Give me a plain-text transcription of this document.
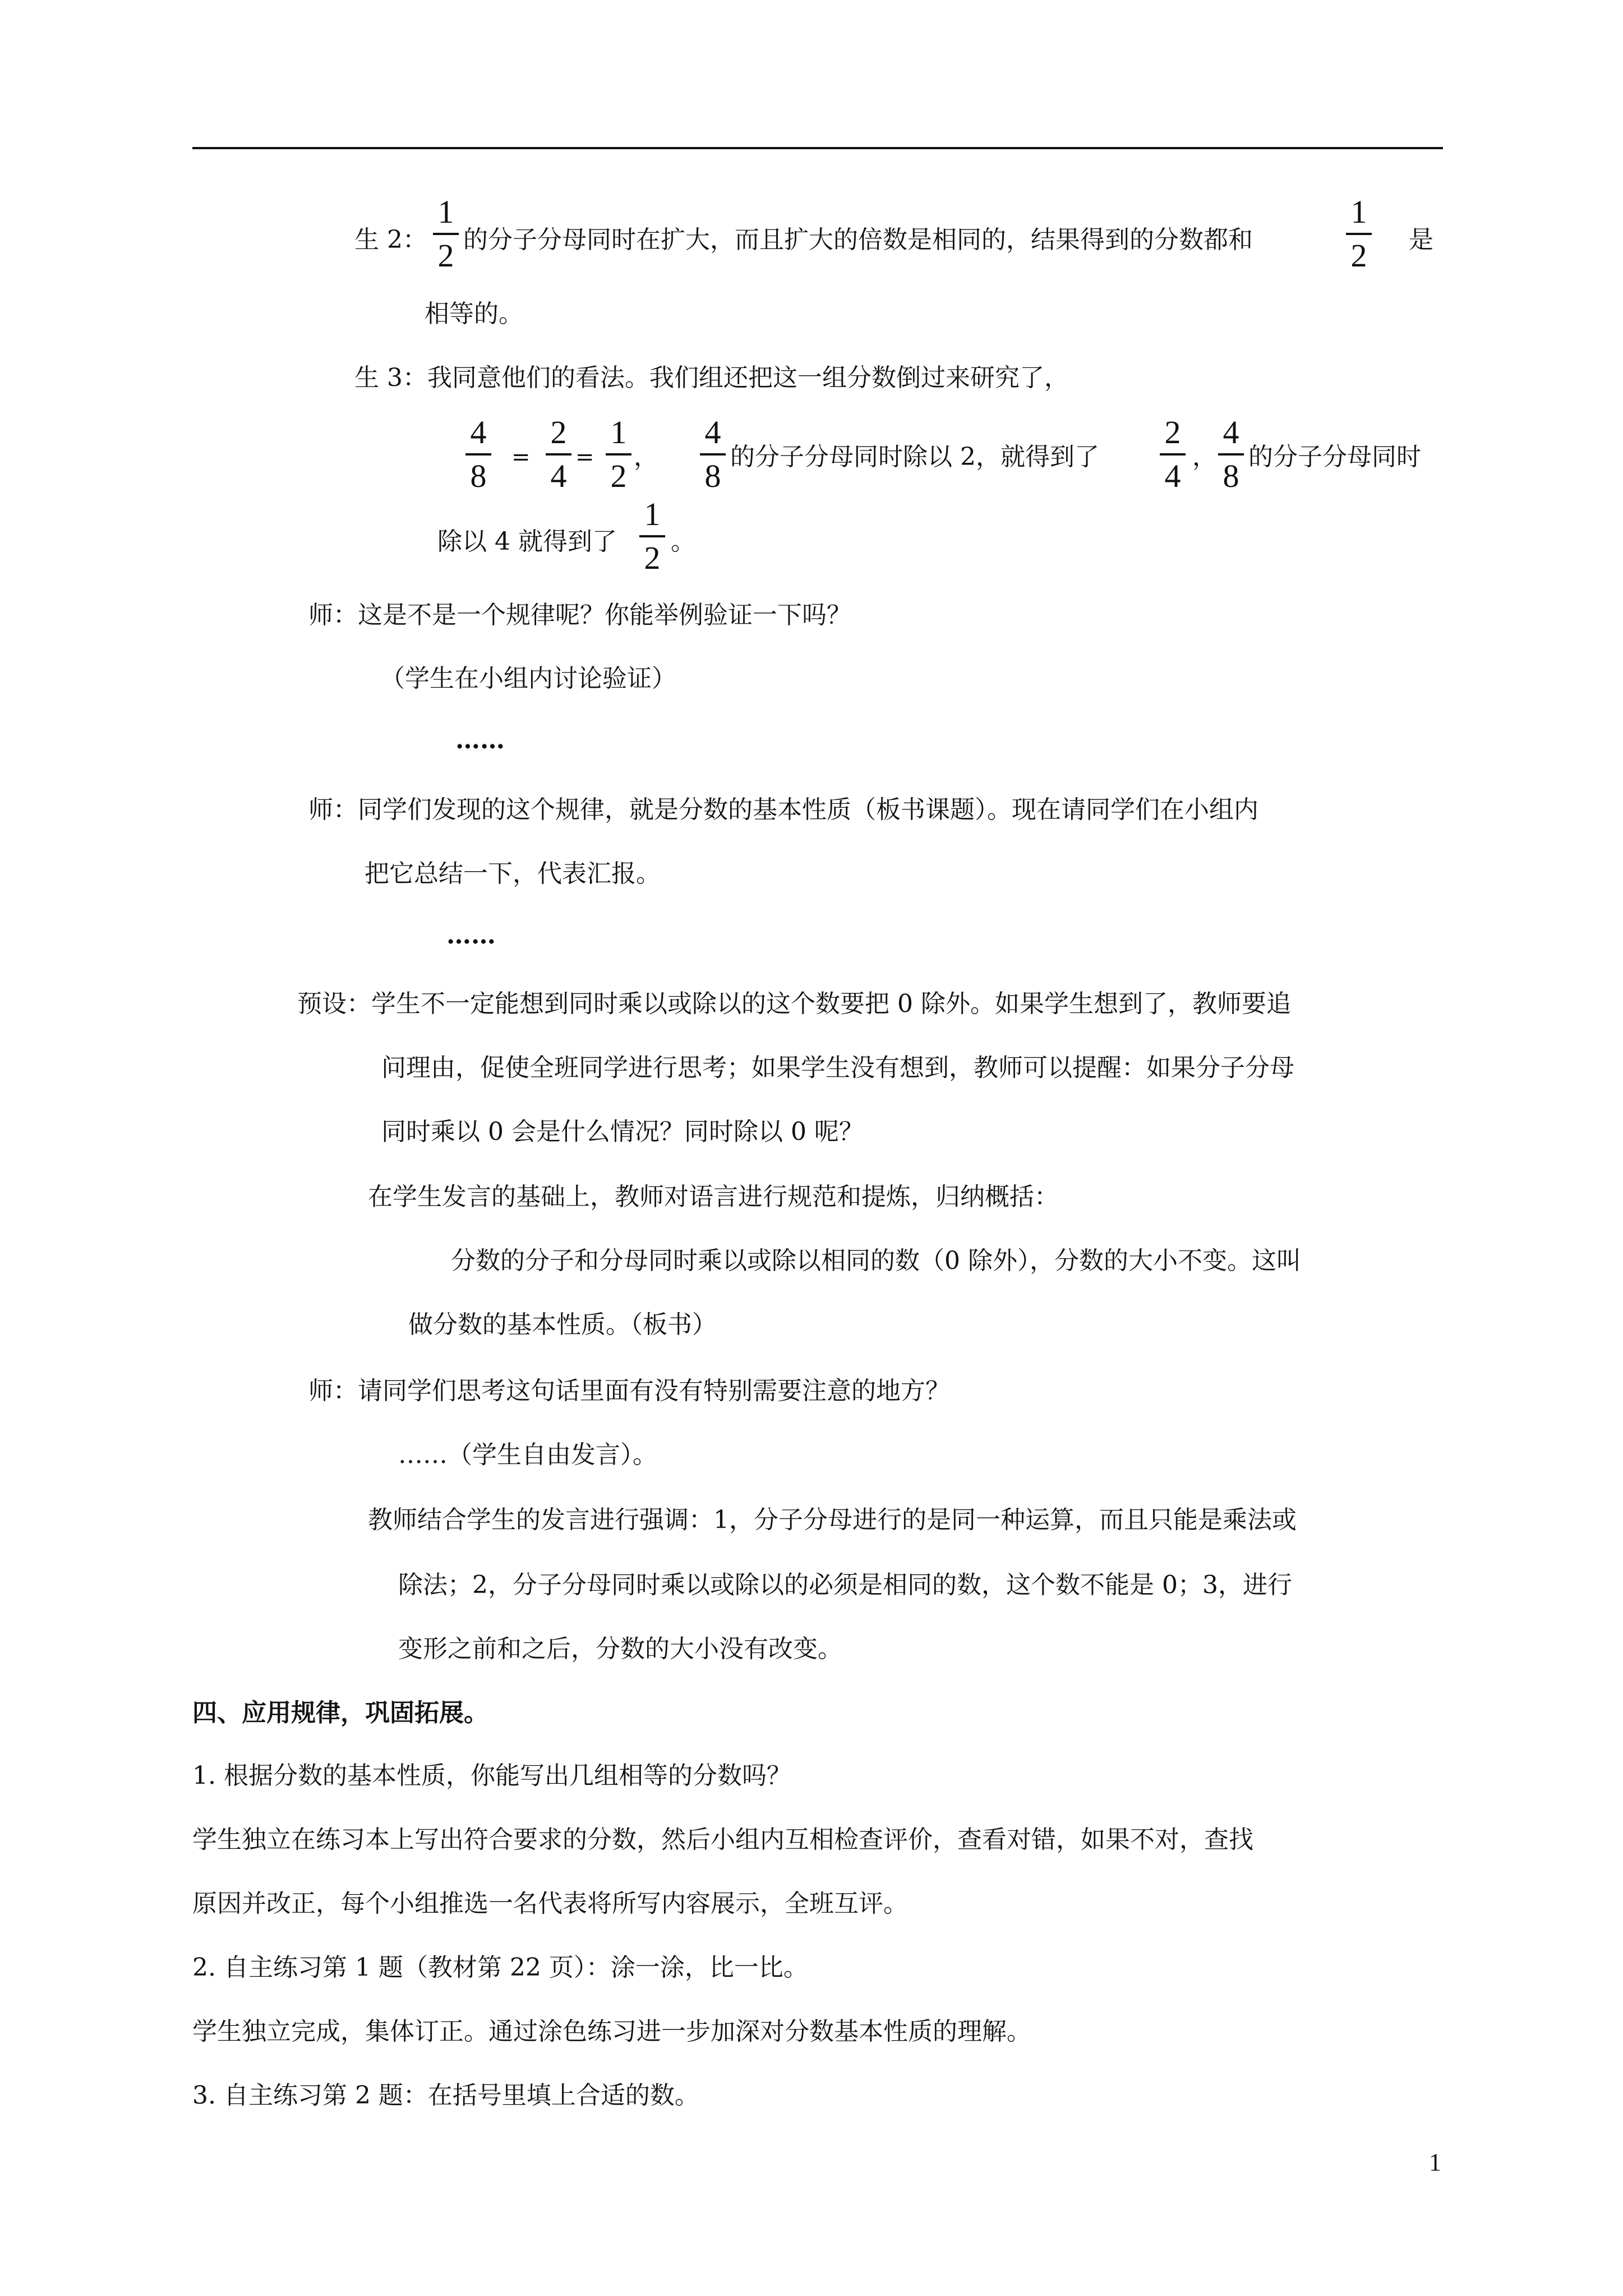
生 2：
1
2 的分子分母同时在扩大，而且扩大的倍数是相同的，结果得到的分数都和
1
2 是
相等的。
生 3：我同意他们的看法。我们组还把这一组分数倒过来研究了，
4
8
=
2
4
=
1
2
，
4
8
的分子分母同时除以 2，就得到了
2
4
，
4
8
的分子分母同时
除以 4 就得到了
1
2 。
师：这是不是一个规律呢？你能举例验证一下吗？
（学生在小组内讨论验证）
……
师：同学们发现的这个规律，就是分数的基本性质（板书课题）。现在请同学们在小组内
把它总结一下，代表汇报。
……
预设：学生不一定能想到同时乘以或除以的这个数要把 0 除外。如果学生想到了，教师要追
问理由，促使全班同学进行思考；如果学生没有想到，教师可以提醒：如果分子分母
同时乘以 0 会是什么情况？同时除以 0 呢？
在学生发言的基础上，教师对语言进行规范和提炼，归纳概括：
分数的分子和分母同时乘以或除以相同的数（0 除外），分数的大小不变。这叫
做分数的基本性质。（板书）
师：请同学们思考这句话里面有没有特别需要注意的地方？
……（学生自由发言）。
教师结合学生的发言进行强调：1，分子分母进行的是同一种运算，而且只能是乘法或
除法；2，分子分母同时乘以或除以的必须是相同的数，这个数不能是 0；3，进行
变形之前和之后，分数的大小没有改变。
四、应用规律，巩固拓展。
1. 根据分数的基本性质，你能写出几组相等的分数吗？
学生独立在练习本上写出符合要求的分数，然后小组内互相检查评价，查看对错，如果不对，查找
原因并改正，每个小组推选一名代表将所写内容展示，全班互评。
2. 自主练习第 1 题（教材第 22 页）：涂一涂，比一比。
学生独立完成，集体订正。通过涂色练习进一步加深对分数基本性质的理解。
3. 自主练习第 2 题：在括号里填上合适的数。
1
